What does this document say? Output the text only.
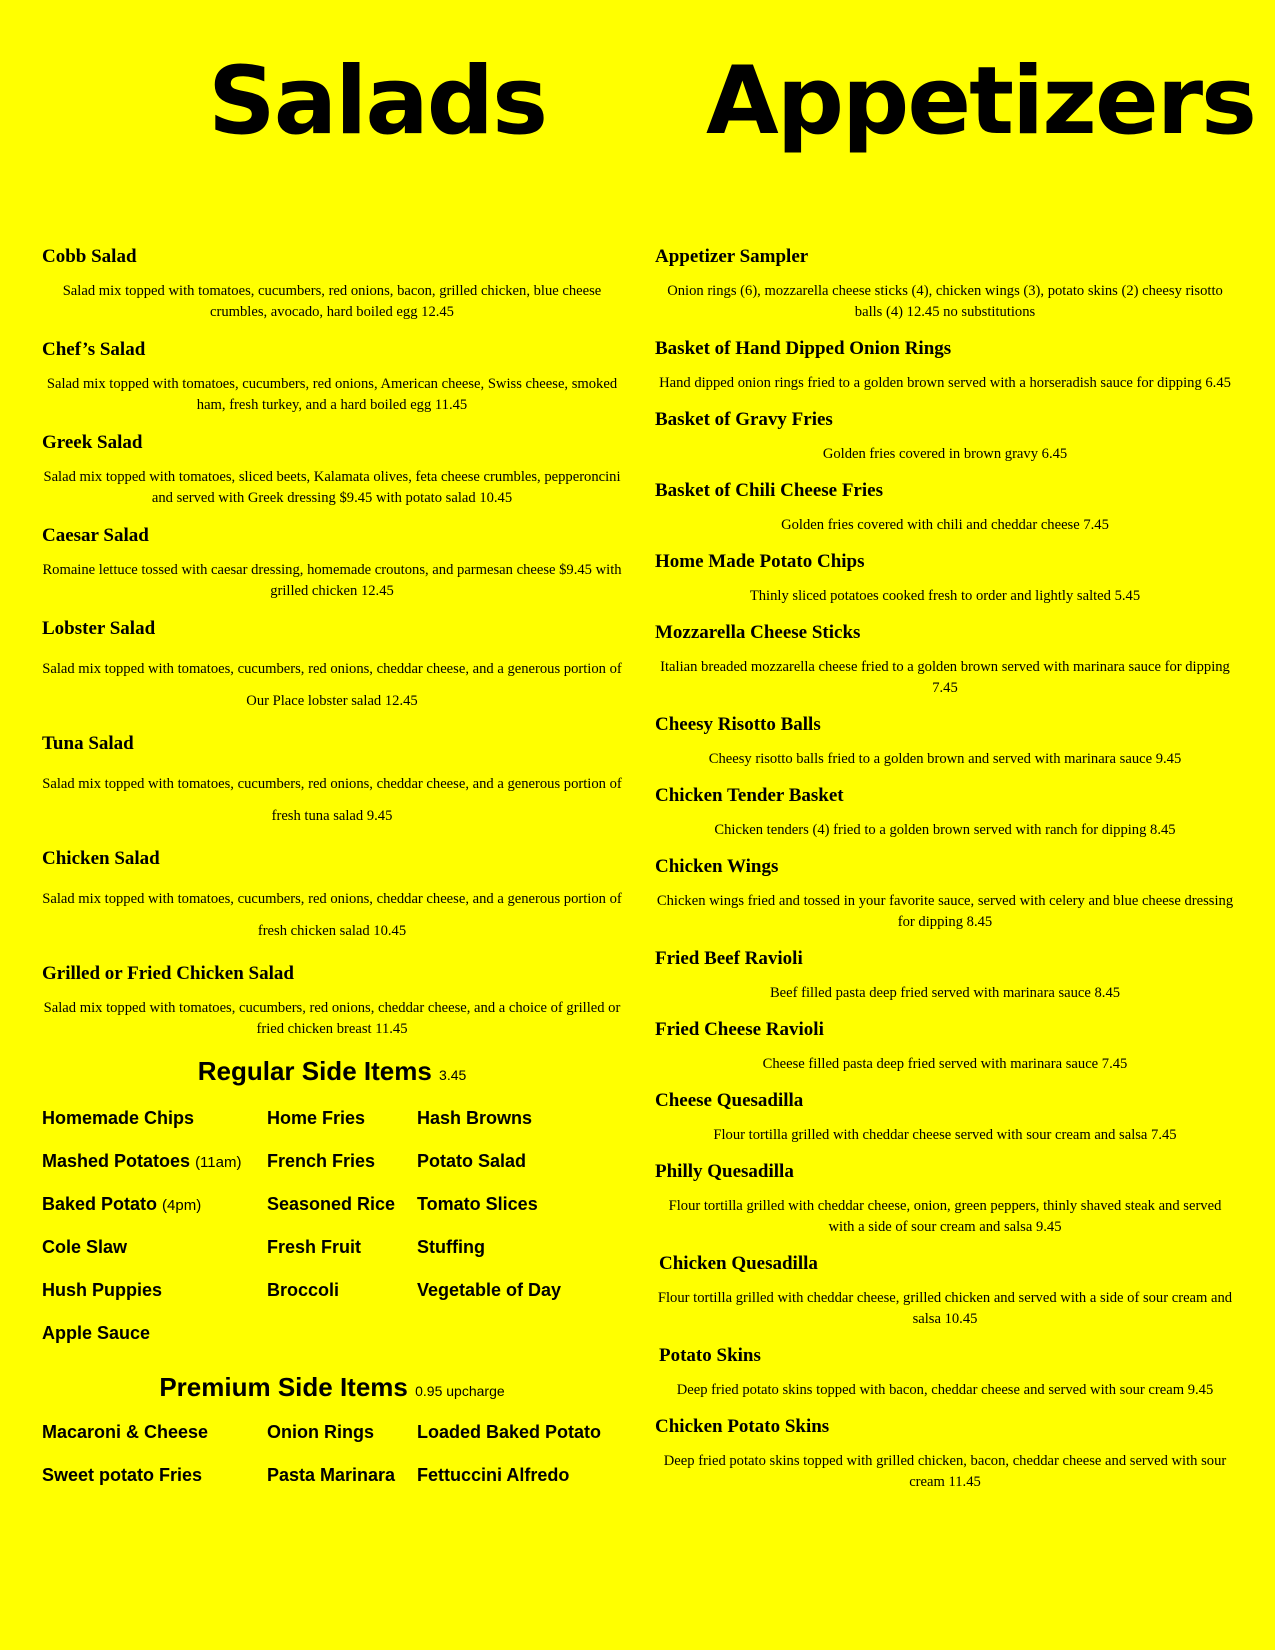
Salads Appetizers

Cobb Salad

Salad mix topped with tomatoes, cucumbers, red onions, bacon, grilled chicken, blue cheese crumbles, avocado, hard boiled egg 12.45

Chef’s Salad

Salad mix topped with tomatoes, cucumbers, red onions, American cheese, Swiss cheese, smoked ham, fresh turkey, and a hard boiled egg 11.45

Greek Salad

Salad mix topped with tomatoes, sliced beets, Kalamata olives, feta cheese crumbles, pepperoncini and served with Greek dressing $9.45 with potato salad 10.45

Caesar Salad

Romaine lettuce tossed with caesar dressing, homemade croutons, and parmesan cheese $9.45 with grilled chicken 12.45

Lobster Salad

Salad mix topped with tomatoes, cucumbers, red onions, cheddar cheese, and a generous portion of Our Place lobster salad 12.45

Tuna Salad

Salad mix topped with tomatoes, cucumbers, red onions, cheddar cheese, and a generous portion of fresh tuna salad 9.45

Chicken Salad

Salad mix topped with tomatoes, cucumbers, red onions, cheddar cheese, and a generous portion of fresh chicken salad 10.45

Grilled or Fried Chicken Salad

Salad mix topped with tomatoes, cucumbers, red onions, cheddar cheese, and a choice of grilled or fried chicken breast 11.45

Regular Side Items 3.45

Homemade Chips	Home Fries	Hash Browns
Mashed Potatoes (11am)	French Fries	Potato Salad
Baked Potato (4pm)	Seasoned Rice	Tomato Slices
Cole Slaw	Fresh Fruit	Stuffing
Hush Puppies	Broccoli	Vegetable of Day
Apple Sauce

Premium Side Items 0.95 upcharge

Macaroni & Cheese	Onion Rings	Loaded Baked Potato
Sweet potato Fries	Pasta Marinara	Fettuccini Alfredo

Appetizer Sampler

Onion rings (6), mozzarella cheese sticks (4), chicken wings (3), potato skins (2) cheesy risotto balls (4) 12.45 no substitutions

Basket of Hand Dipped Onion Rings

Hand dipped onion rings fried to a golden brown served with a horseradish sauce for dipping 6.45

Basket of Gravy Fries

Golden fries covered in brown gravy 6.45

Basket of Chili Cheese Fries

Golden fries covered with chili and cheddar cheese 7.45

Home Made Potato Chips

Thinly sliced potatoes cooked fresh to order and lightly salted 5.45

Mozzarella Cheese Sticks

Italian breaded mozzarella cheese fried to a golden brown served with marinara sauce for dipping 7.45

Cheesy Risotto Balls

Cheesy risotto balls fried to a golden brown and served with marinara sauce 9.45

Chicken Tender Basket

Chicken tenders (4) fried to a golden brown served with ranch for dipping 8.45

Chicken Wings

Chicken wings fried and tossed in your favorite sauce, served with celery and blue cheese dressing for dipping 8.45

Fried Beef Ravioli

Beef filled pasta deep fried served with marinara sauce 8.45

Fried Cheese Ravioli

Cheese filled pasta deep fried served with marinara sauce 7.45

Cheese Quesadilla

Flour tortilla grilled with cheddar cheese served with sour cream and salsa 7.45

Philly Quesadilla

Flour tortilla grilled with cheddar cheese, onion, green peppers, thinly shaved steak and served with a side of sour cream and salsa 9.45

Chicken Quesadilla

Flour tortilla grilled with cheddar cheese, grilled chicken and served with a side of sour cream and salsa 10.45

Potato Skins

Deep fried potato skins topped with bacon, cheddar cheese and served with sour cream 9.45

Chicken Potato Skins

Deep fried potato skins topped with grilled chicken, bacon, cheddar cheese and served with sour cream 11.45
